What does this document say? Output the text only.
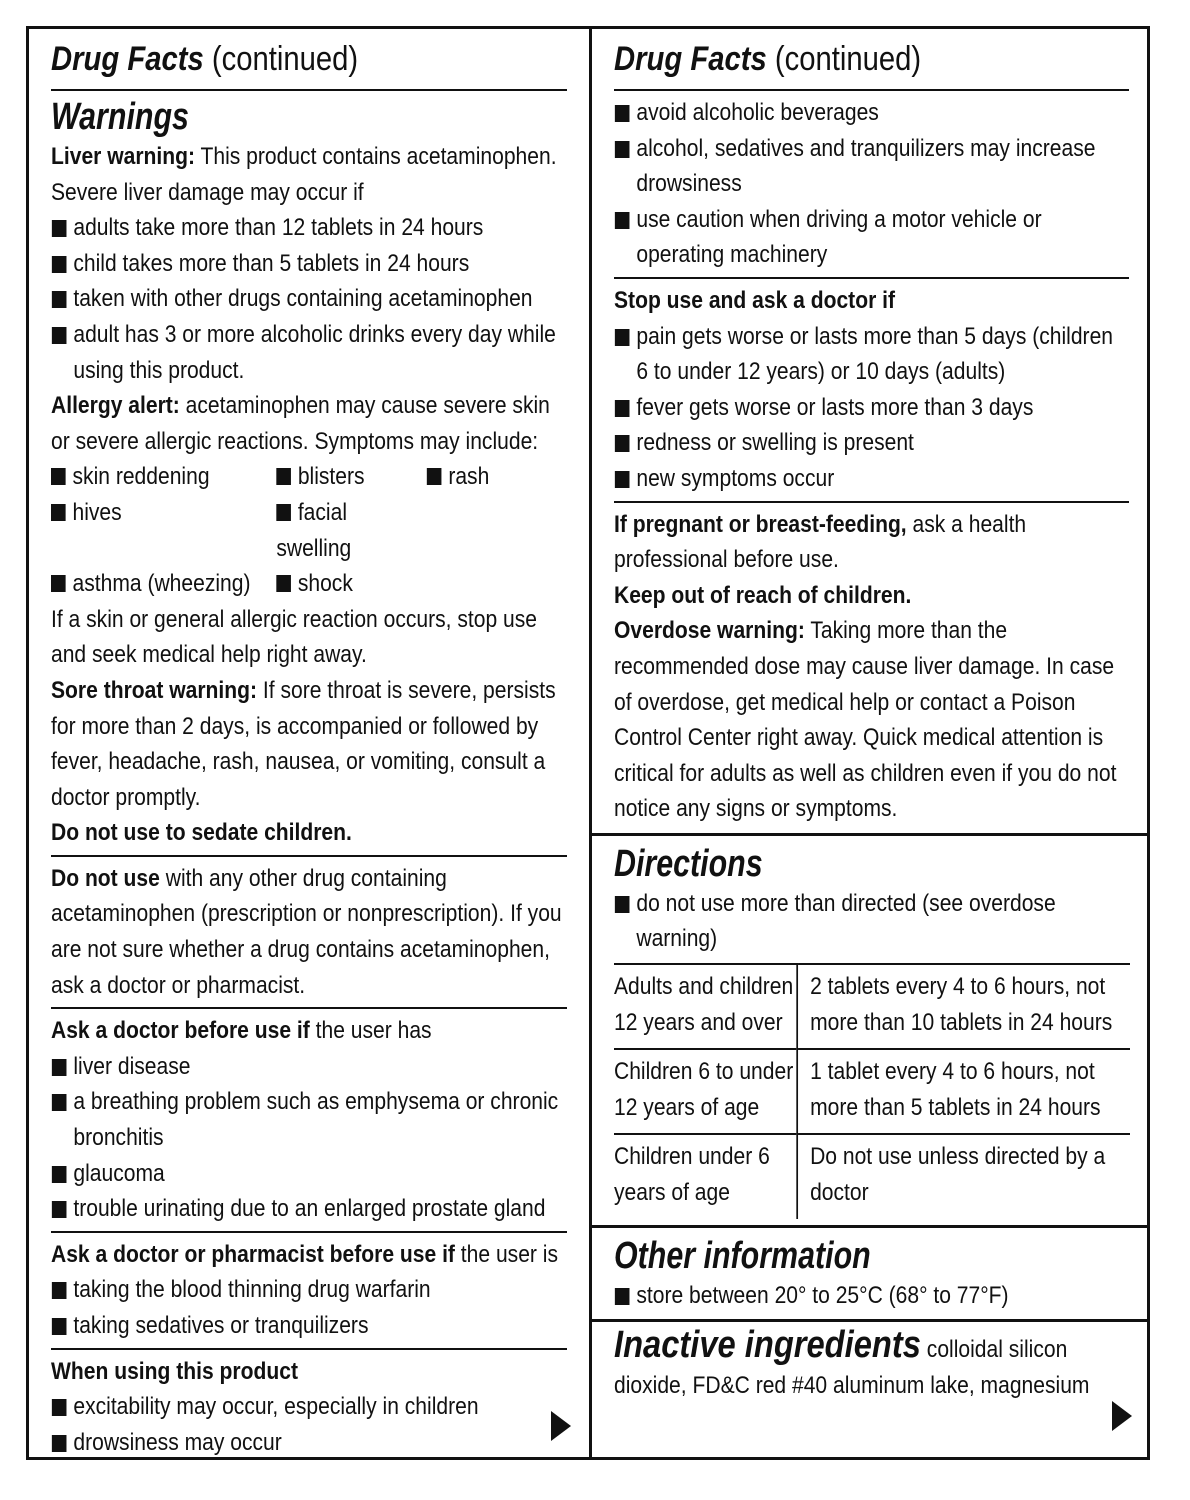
Drug Facts (continued)
Warnings
Liver warning: This product contains acetaminophen. Severe liver damage may occur if
adults take more than 12 tablets in 24 hours
child takes more than 5 tablets in 24 hours
taken with other drugs containing acetaminophen
adult has 3 or more alcoholic drinks every day while using this product.
Allergy alert: acetaminophen may cause severe skin or severe allergic reactions. Symptoms may include:
skin reddening	blisters	rash
hives	facial swelling
asthma (wheezing)	shock
If a skin or general allergic reaction occurs, stop use and seek medical help right away.
Sore throat warning: If sore throat is severe, persists for more than 2 days, is accompanied or followed by fever, headache, rash, nausea, or vomiting, consult a doctor promptly.
Do not use to sedate children.
Do not use with any other drug containing acetaminophen (prescription or nonprescription). If you are not sure whether a drug contains acetaminophen, ask a doctor or pharmacist.
Ask a doctor before use if the user has
liver disease
a breathing problem such as emphysema or chronic bronchitis
glaucoma
trouble urinating due to an enlarged prostate gland
Ask a doctor or pharmacist before use if the user is
taking the blood thinning drug warfarin
taking sedatives or tranquilizers
When using this product
excitability may occur, especially in children
drowsiness may occur
Drug Facts (continued)
avoid alcoholic beverages
alcohol, sedatives and tranquilizers may increase drowsiness
use caution when driving a motor vehicle or operating machinery
Stop use and ask a doctor if
pain gets worse or lasts more than 5 days (children 6 to under 12 years) or 10 days (adults)
fever gets worse or lasts more than 3 days
redness or swelling is present
new symptoms occur
If pregnant or breast-feeding, ask a health professional before use.
Keep out of reach of children.
Overdose warning: Taking more than the recommended dose may cause liver damage. In case of overdose, get medical help or contact a Poison Control Center right away. Quick medical attention is critical for adults as well as children even if you do not notice any signs or symptoms.
Directions
do not use more than directed (see overdose warning)
Adults and children 12 years and over	2 tablets every 4 to 6 hours, not more than 10 tablets in 24 hours
Children 6 to under 12 years of age	1 tablet every 4 to 6 hours, not more than 5 tablets in 24 hours
Children under 6 years of age	Do not use unless directed by a doctor
Other information
store between 20° to 25°C (68° to 77°F)
Inactive ingredients colloidal silicon dioxide, FD&C red #40 aluminum lake, magnesium
